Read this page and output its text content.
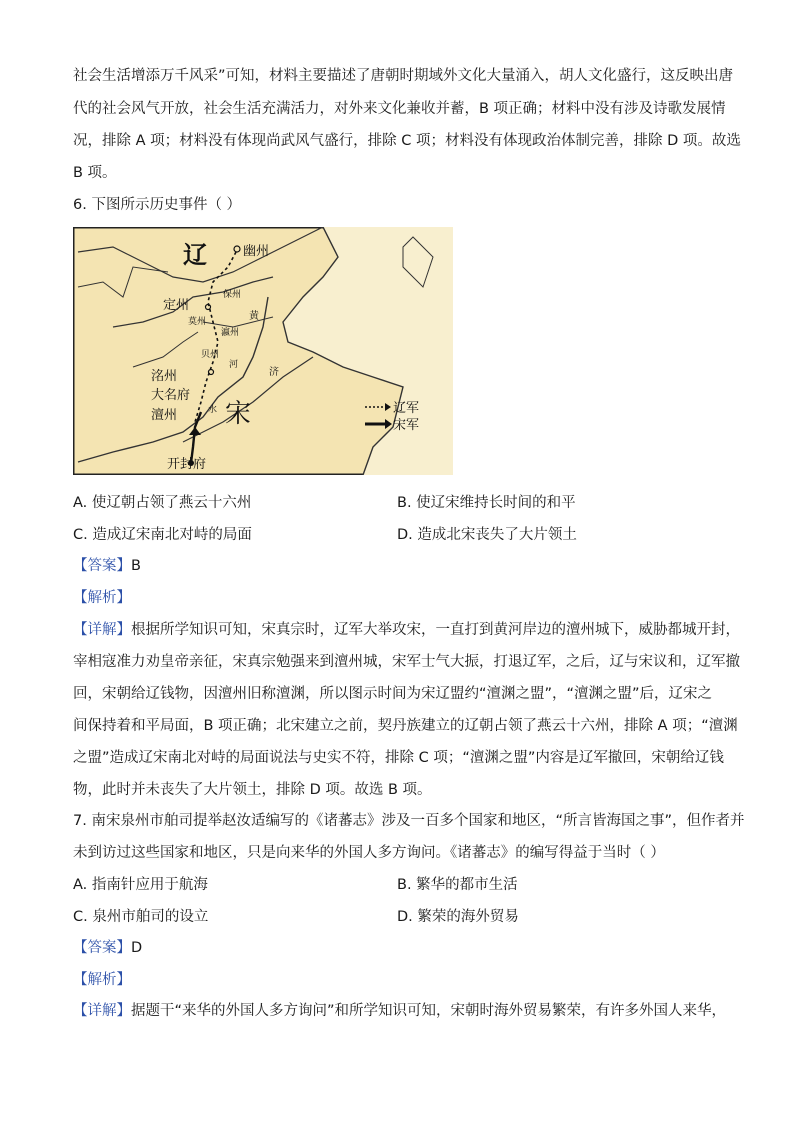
社会生活增添万千风采”可知，材料主要描述了唐朝时期域外文化大量涌入，胡人文化盛行，这反映出唐
代的社会风气开放，社会生活充满活力，对外来文化兼收并蓄，B 项正确；材料中没有涉及诗歌发展情
况，排除 A 项；材料没有体现尚武风气盛行，排除 C 项；材料没有体现政治体制完善，排除 D 项。故选
B 项。
6. 下图所示历史事件（ ）
辽	幽州
定州
保州
莫州
瀛州
黄
贝州
河
济
水
洺州
大名府
澶州 宋
开封府
辽军
宋军
A. 使辽朝占领了燕云十六州	B. 使辽宋维持长时间的和平
C. 造成辽宋南北对峙的局面	D. 造成北宋丧失了大片领土
【答案】B
【解析】
【详解】根据所学知识可知，宋真宗时，辽军大举攻宋，一直打到黄河岸边的澶州城下，威胁都城开封，
宰相寇准力劝皇帝亲征，宋真宗勉强来到澶州城，宋军士气大振，打退辽军，之后，辽与宋议和，辽军撤
回，宋朝给辽钱物，因澶州旧称澶渊，所以图示时间为宋辽盟约“澶渊之盟”，“澶渊之盟”后，辽宋之
间保持着和平局面，B 项正确；北宋建立之前，契丹族建立的辽朝占领了燕云十六州，排除 A 项；“澶渊
之盟”造成辽宋南北对峙的局面说法与史实不符，排除 C 项；“澶渊之盟”内容是辽军撤回，宋朝给辽钱
物，此时并未丧失了大片领土，排除 D 项。故选 B 项。
7. 南宋泉州市舶司提举赵汝适编写的《诸蕃志》涉及一百多个国家和地区，“所言皆海国之事”，但作者并
未到访过这些国家和地区，只是向来华的外国人多方询问。《诸蕃志》的编写得益于当时（ ）
A. 指南针应用于航海	B. 繁华的都市生活
C. 泉州市舶司的设立	D. 繁荣的海外贸易
【答案】D
【解析】
【详解】据题干“来华的外国人多方询问”和所学知识可知，宋朝时海外贸易繁荣，有许多外国人来华，
